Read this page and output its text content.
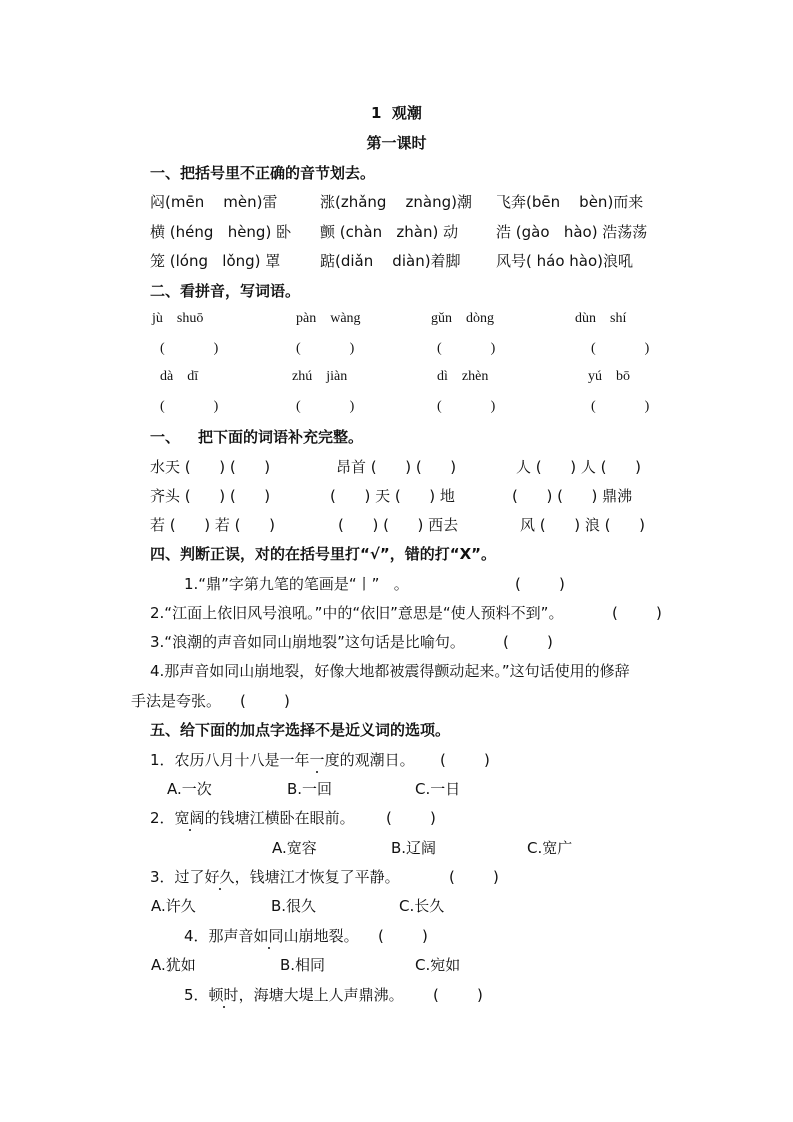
1  观潮
第一课时
一、把括号里不正确的音节划去。
闷(mēn    mèn)雷	涨(zhǎng    znàng)潮 飞奔(bēn    bèn)而来
横 (héng   hèng) 卧 颤 (chàn   zhàn) 动	浩 (gào   hào) 浩荡荡
笼 (lóng   lǒng) 罩	踮(diǎn    diàn)着脚 风号( háo hào)浪吼
二、看拼音，写词语。
jù    shuō	pàn    wàng	gǔn    dòng	dùn    shí
(              )	(              )	(              )	(              )
dà    dī	zhú    jiàn	dì    zhèn	yú    bō
(              )	(              )	(              )	(              )
一、 把下面的词语补充完整。
水天 (      ) (      )	昂首 (      ) (      )	人 (      ) 人 (      )
齐头 (      ) (      )	(      ) 天 (      ) 地	(      ) (      ) 鼎沸
若 (      ) 若 (      )	(      ) (      ) 西去	风 (      ) 浪 (      )
四、判断正误，对的在括号里打“√”，错的打“X”。
1.“鼎”字第九笔的笔画是“丨”   。	(        )
2.“江面上依旧风号浪吼。”中的“依旧”意思是“使人预料不到”。	(        )
3.“浪潮的声音如同山崩地裂”这句话是比喻句。	(        )
4.那声音如同山崩地裂，好像大地都被震得颤动起来。”这句话使用的修辞
手法是夸张。 (        )
五、给下面的加点字选择不是近义词的选项。
1．农历八月十八是一年一度的观潮日。 (        )
A.一次	B.一回	C.一日
2．宽阔的钱塘江横卧在眼前。 (        )
A.宽容	B.辽阔	C.宽广
3．过了好久，钱塘江才恢复了平静。	(        )
A.许久	B.很久	C.长久
4．那声音如同山崩地裂。 (        )
A.犹如	B.相同	C.宛如
5．顿时，海塘大堤上人声鼎沸。 (        )
